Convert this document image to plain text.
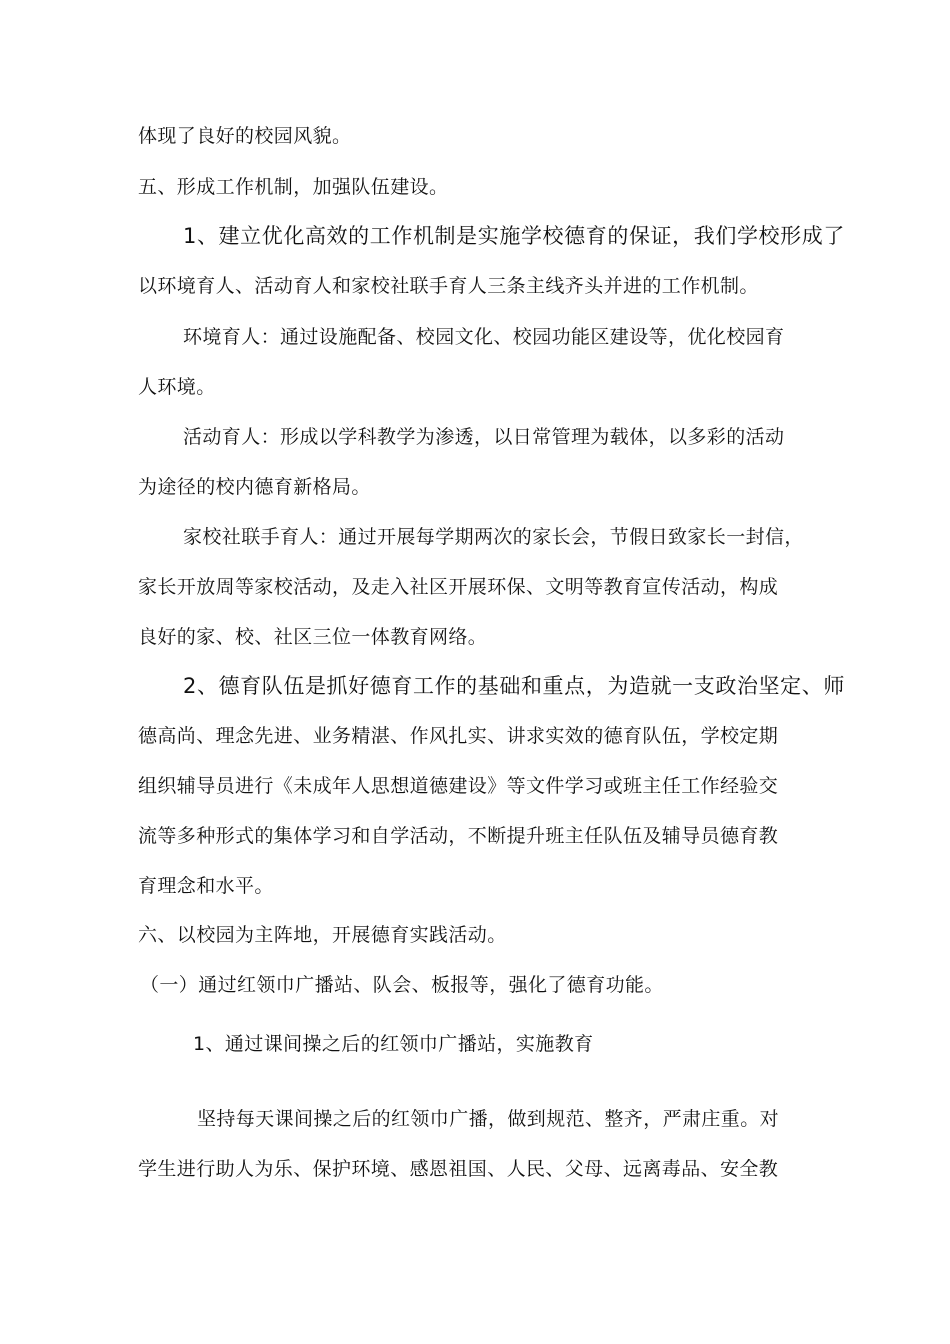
体现了良好的校园风貌。
五、形成工作机制，加强队伍建设。
1、建立优化高效的工作机制是实施学校德育的保证，我们学校形成了
以环境育人、活动育人和家校社联手育人三条主线齐头并进的工作机制。
环境育人：通过设施配备、校园文化、校园功能区建设等，优化校园育
人环境。
活动育人：形成以学科教学为渗透，以日常管理为载体，以多彩的活动
为途径的校内德育新格局。
家校社联手育人：通过开展每学期两次的家长会，节假日致家长一封信，
家长开放周等家校活动，及走入社区开展环保、文明等教育宣传活动，构成
良好的家、校、社区三位一体教育网络。
2、德育队伍是抓好德育工作的基础和重点，为造就一支政治坚定、师
德高尚、理念先进、业务精湛、作风扎实、讲求实效的德育队伍，学校定期
组织辅导员进行《未成年人思想道德建设》等文件学习或班主任工作经验交
流等多种形式的集体学习和自学活动，不断提升班主任队伍及辅导员德育教
育理念和水平。
六、以校园为主阵地，开展德育实践活动。
（一）通过红领巾广播站、队会、板报等，强化了德育功能。
1、通过课间操之后的红领巾广播站，实施教育
坚持每天课间操之后的红领巾广播，做到规范、整齐，严肃庄重。对
学生进行助人为乐、保护环境、感恩祖国、人民、父母、远离毒品、安全教
